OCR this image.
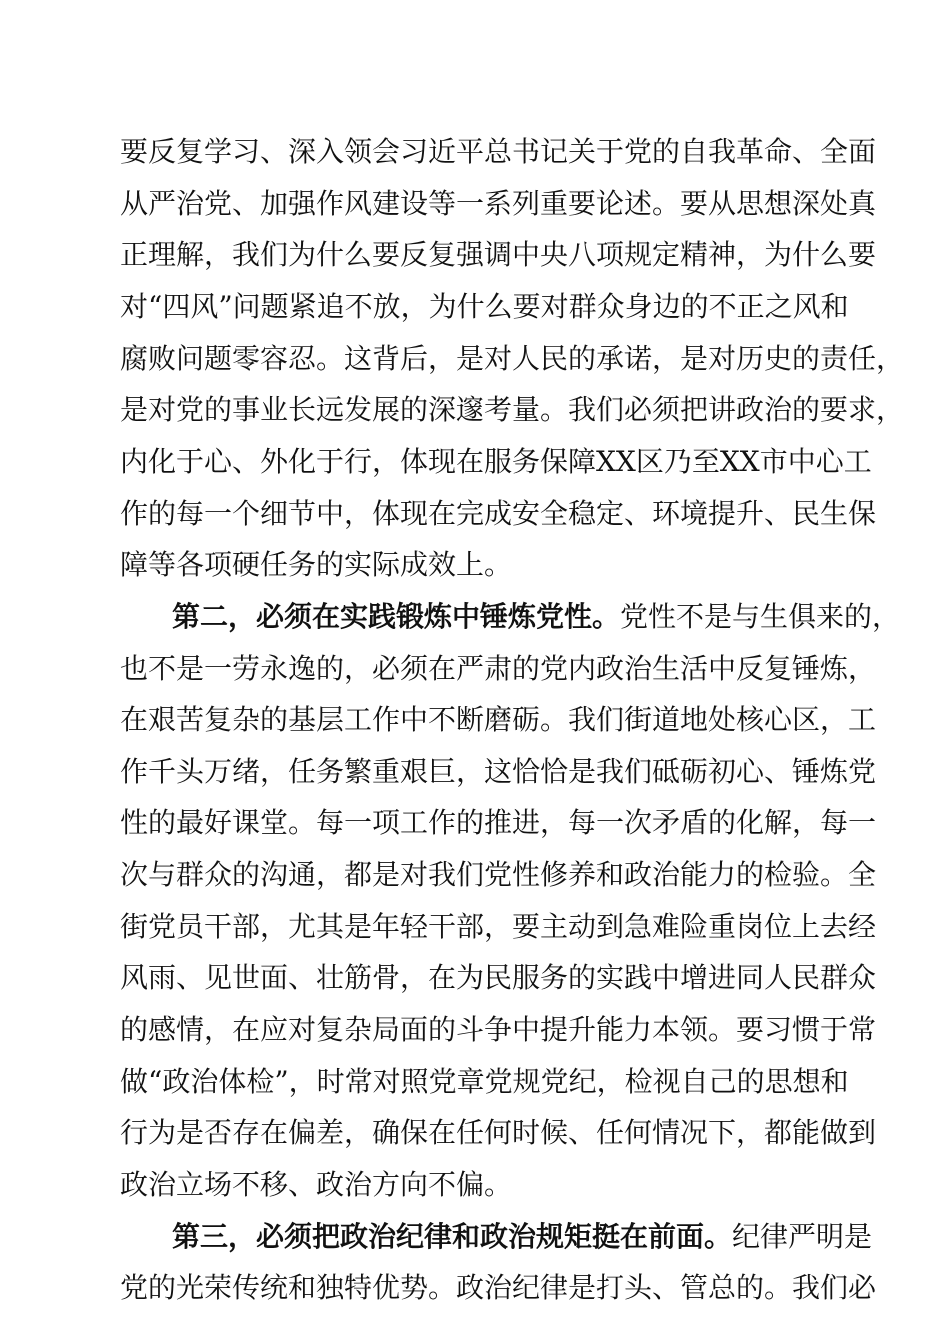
要反复学习、深入领会习近平总书记关于党的自我革命、全面
从严治党、加强作风建设等一系列重要论述。要从思想深处真
正理解，我们为什么要反复强调中央八项规定精神，为什么要
对“四风”问题紧追不放，为什么要对群众身边的不正之风和
腐败问题零容忍。这背后，是对人民的承诺，是对历史的责任，
是对党的事业长远发展的深邃考量。我们必须把讲政治的要求，
内化于心、外化于行，体现在服务保障XX区乃至XX市中心工
作的每一个细节中，体现在完成安全稳定、环境提升、民生保
障等各项硬任务的实际成效上。
第二，必须在实践锻炼中锤炼党性。党性不是与生俱来的，
也不是一劳永逸的，必须在严肃的党内政治生活中反复锤炼，
在艰苦复杂的基层工作中不断磨砺。我们街道地处核心区，工
作千头万绪，任务繁重艰巨，这恰恰是我们砥砺初心、锤炼党
性的最好课堂。每一项工作的推进，每一次矛盾的化解，每一
次与群众的沟通，都是对我们党性修养和政治能力的检验。全
街党员干部，尤其是年轻干部，要主动到急难险重岗位上去经
风雨、见世面、壮筋骨，在为民服务的实践中增进同人民群众
的感情，在应对复杂局面的斗争中提升能力本领。要习惯于常
做“政治体检”，时常对照党章党规党纪，检视自己的思想和
行为是否存在偏差，确保在任何时候、任何情况下，都能做到
政治立场不移、政治方向不偏。
第三，必须把政治纪律和政治规矩挺在前面。纪律严明是
党的光荣传统和独特优势。政治纪律是打头、管总的。我们必
